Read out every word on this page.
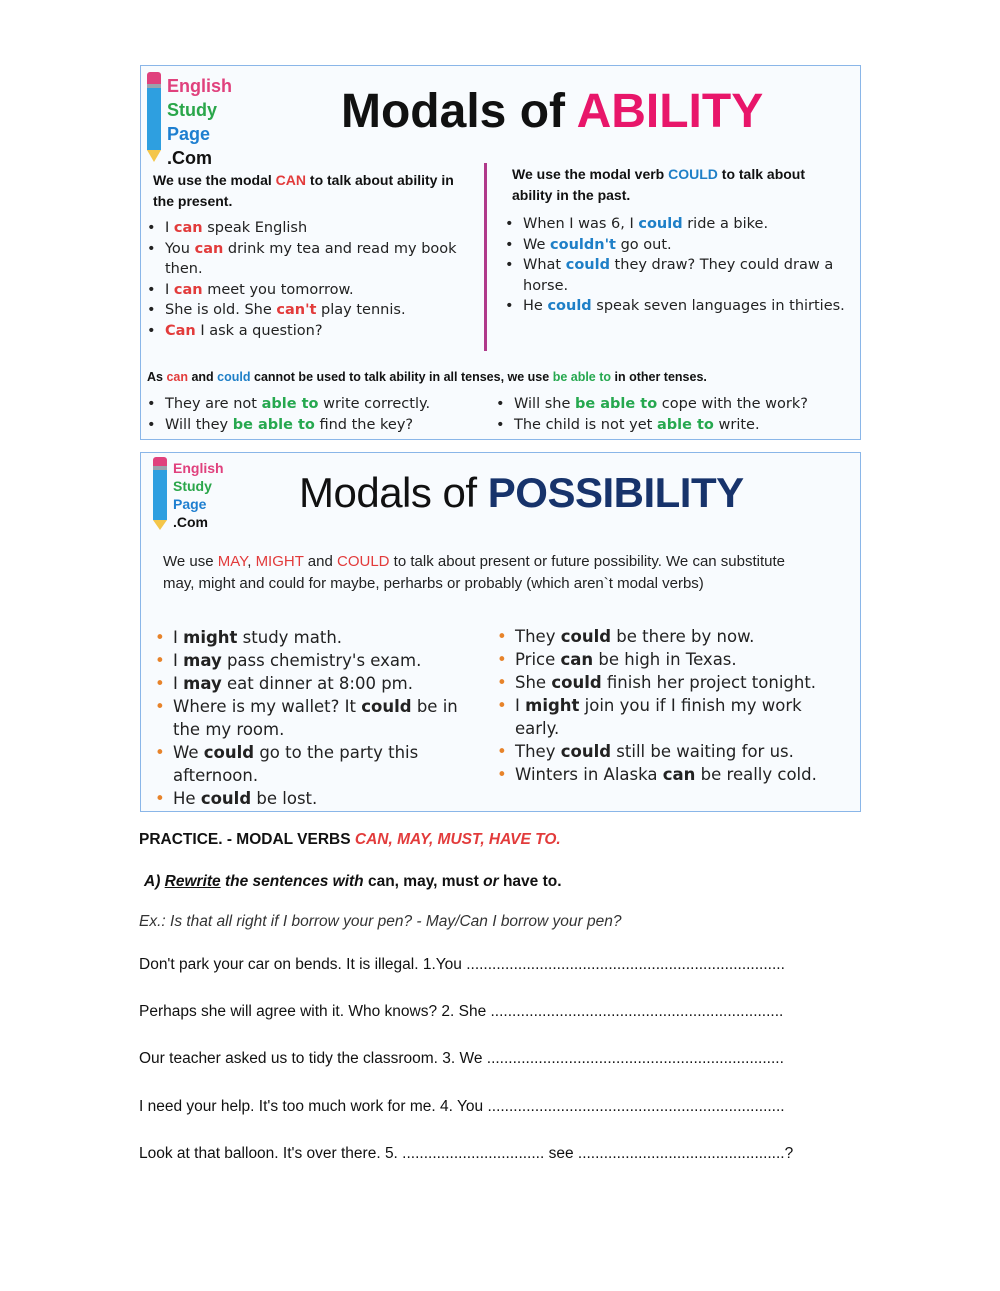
English
Study
Page
.Com
Modals of ABILITY
We use the modal CAN to talk about ability in the present.
• I can speak English
• You can drink my tea and read my book then.
• I can meet you tomorrow.
• She is old. She can't play tennis.
• Can I ask a question?
We use the modal verb COULD to talk about ability in the past.
• When I was 6, I could ride a bike.
• We couldn't go out.
• What could they draw? They could draw a horse.
• He could speak seven languages in thirties.
As can and could cannot be used to talk ability in all tenses, we use be able to in other tenses.
• They are not able to write correctly.
• Will they be able to find the key?
• Will she be able to cope with the work?
• The child is not yet able to write.
English
Study
Page
.Com
Modals of POSSIBILITY
We use MAY, MIGHT and COULD to talk about present or future possibility. We can substitute may, might and could for maybe, perharbs or probably (which aren`t modal verbs)
• I might study math.
• I may pass chemistry's exam.
• I may eat dinner at 8:00 pm.
• Where is my wallet? It could be in the my room.
• We could go to the party this afternoon.
• He could be lost.
• They could be there by now.
• Price can be high in Texas.
• She could finish her project tonight.
• I might join you if I finish my work early.
• They could still be waiting for us.
• Winters in Alaska can be really cold.
PRACTICE. - MODAL VERBS CAN, MAY, MUST, HAVE TO.
A) Rewrite the sentences with can, may, must or have to.
Ex.: Is that all right if I borrow your pen? - May/Can I borrow your pen?
Don't park your car on bends. It is illegal. 1.You ..........................................................................
Perhaps she will agree with it. Who knows? 2. She ....................................................................
Our teacher asked us to tidy the classroom. 3. We .....................................................................
I need your help. It's too much work for me. 4. You .....................................................................
Look at that balloon. It's over there. 5. ................................. see ................................................?
